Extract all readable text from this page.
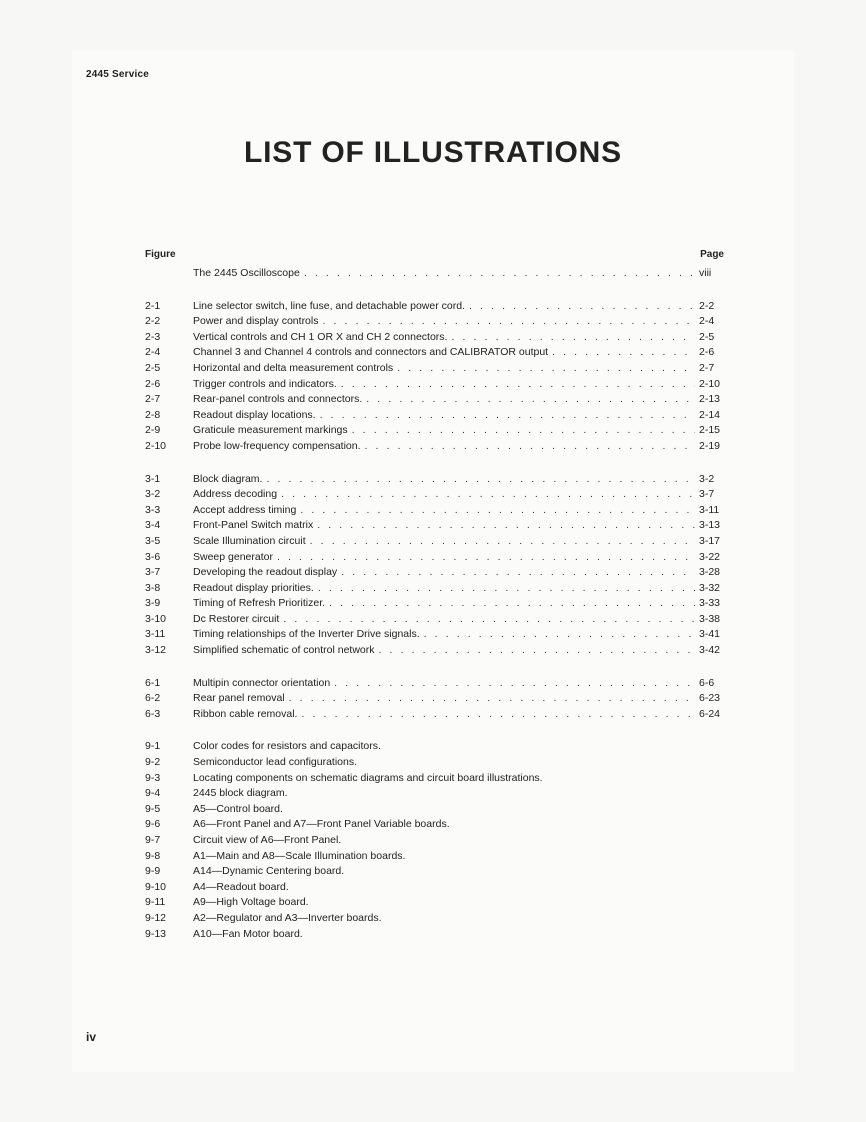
2445 Service
LIST OF ILLUSTRATIONS
Figure	Page
The 2445 Oscilloscope . . .	viii
2-1	Line selector switch, line fuse, and detachable power cord. . . .	2-2
2-2	Power and display controls . . .	2-4
2-3	Vertical controls and CH 1 OR X and CH 2 connectors. . . .	2-5
2-4	Channel 3 and Channel 4 controls and connectors and CALIBRATOR output . . .	2-6
2-5	Horizontal and delta measurement controls . . .	2-7
2-6	Trigger controls and indicators. . . .	2-10
2-7	Rear-panel controls and connectors. . . .	2-13
2-8	Readout display locations. . . .	2-14
2-9	Graticule measurement markings . . .	2-15
2-10	Probe low-frequency compensation. . . .	2-19
3-1	Block diagram. . . .	3-2
3-2	Address decoding . . .	3-7
3-3	Accept address timing . . .	3-11
3-4	Front-Panel Switch matrix . . .	3-13
3-5	Scale Illumination circuit . . .	3-17
3-6	Sweep generator . . .	3-22
3-7	Developing the readout display . . .	3-28
3-8	Readout display priorities. . . .	3-32
3-9	Timing of Refresh Prioritizer. . . .	3-33
3-10	Dc Restorer circuit . . .	3-38
3-11	Timing relationships of the Inverter Drive signals. . . .	3-41
3-12	Simplified schematic of control network . . .	3-42
6-1	Multipin connector orientation . . .	6-6
6-2	Rear panel removal . . .	6-23
6-3	Ribbon cable removal. . . .	6-24
9-1	Color codes for resistors and capacitors.
9-2	Semiconductor lead configurations.
9-3	Locating components on schematic diagrams and circuit board illustrations.
9-4	2445 block diagram.
9-5	A5—Control board.
9-6	A6—Front Panel and A7—Front Panel Variable boards.
9-7	Circuit view of A6—Front Panel.
9-8	A1—Main and A8—Scale Illumination boards.
9-9	A14—Dynamic Centering board.
9-10	A4—Readout board.
9-11	A9—High Voltage board.
9-12	A2—Regulator and A3—Inverter boards.
9-13	A10—Fan Motor board.
iv
